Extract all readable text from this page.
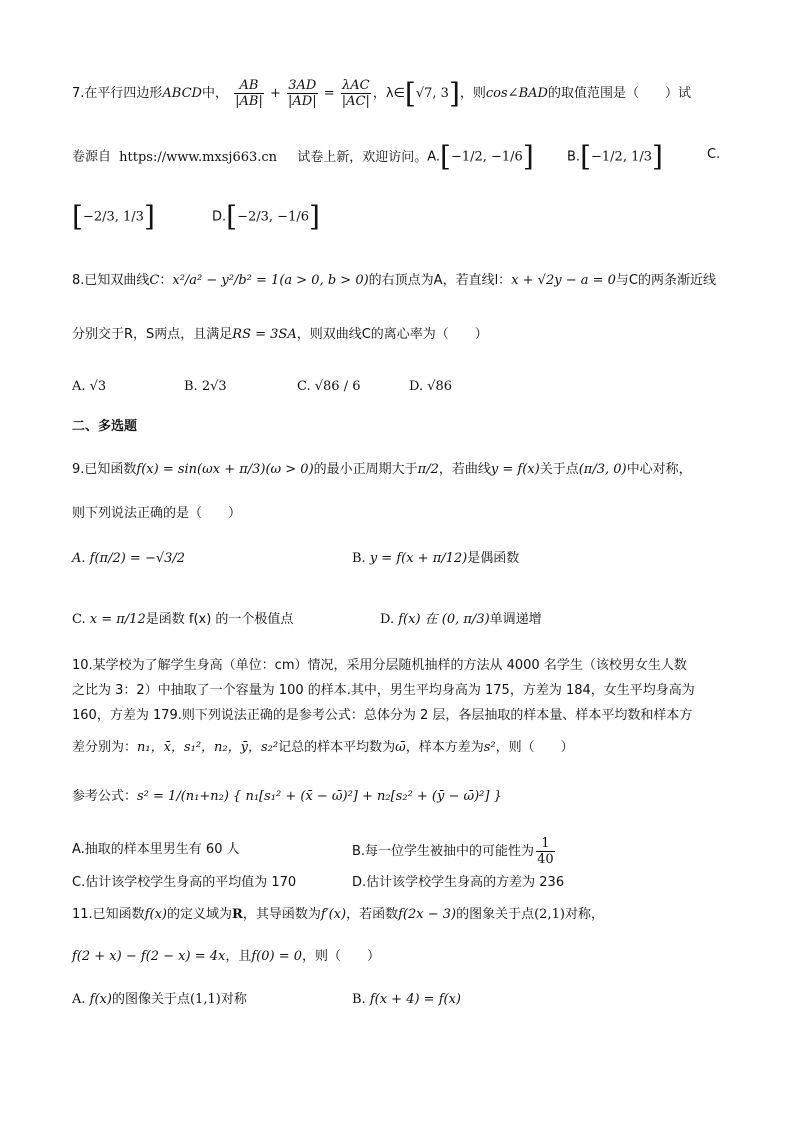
7.在平行四边形ABCD中， $\frac{AB}{|AB|} + \frac{3AD}{|AD|} = \frac{\text{λAC}}{|AC|}$ ，λ∈[√7, 3]，则cos∠BAD的取值范围是（　　）试
卷源自 https://www.mxsj663.cn 试卷上新，欢迎访问。A.[−1/2, −1/6]	B.[−1/2, 1/3]	C.
[−2/3, 1/3]	D.[−2/3, −1/6]
8.已知双曲线C：x²/a² − y²/b² = 1(a > 0, b > 0)的右顶点为A，若直线l：x + √2y − a = 0与C的两条渐近线
分别交于R，S两点，且满足RS = 3SA，则双曲线C的离心率为（　　）
A. √3	B. 2√3	C. √86 / 6	D. √86
二、多选题
9.已知函数f(x) = sin(ωx + π/3)(ω > 0)的最小正周期大于π/2，若曲线y = f(x)关于点(π/3, 0)中心对称，
则下列说法正确的是（　　）
A. f(π/2) = −√3/2	B. y = f(x + π/12)是偶函数
C. x = π/12是函数 f(x) 的一个极值点	D. f(x) 在 (0, π/3)单调递增
10.某学校为了解学生身高（单位：cm）情况，采用分层随机抽样的方法从 4000 名学生（该校男女生人数
之比为 3：2）中抽取了一个容量为 100 的样本.其中，男生平均身高为 175，方差为 184，女生平均身高为
160，方差为 179.则下列说法正确的是参考公式：总体分为 2 层，各层抽取的样本量、样本平均数和样本方
差分别为：n₁，x̄，s₁²，n₂，ȳ，s₂²记总的样本平均数为ω̄，样本方差为s²，则（　　）
参考公式：s² = 1/(n₁+n₂) { n₁[s₁² + (x̄ − ω̄)²] + n₂[s₂² + (ȳ − ω̄)²] }
A.抽取的样本里男生有 60 人	B.每一位学生被抽中的可能性为 $\frac{1}{40}$
C.估计该学校学生身高的平均值为 170	D.估计该学校学生身高的方差为 236
11.已知函数f(x)的定义域为R，其导函数为f′(x)，若函数f(2x − 3)的图象关于点(2,1)对称，
f(2 + x) − f(2 − x) = 4x，且f(0) = 0，则（　　）
A. f(x)的图像关于点(1,1)对称	B. f(x + 4) = f(x)
